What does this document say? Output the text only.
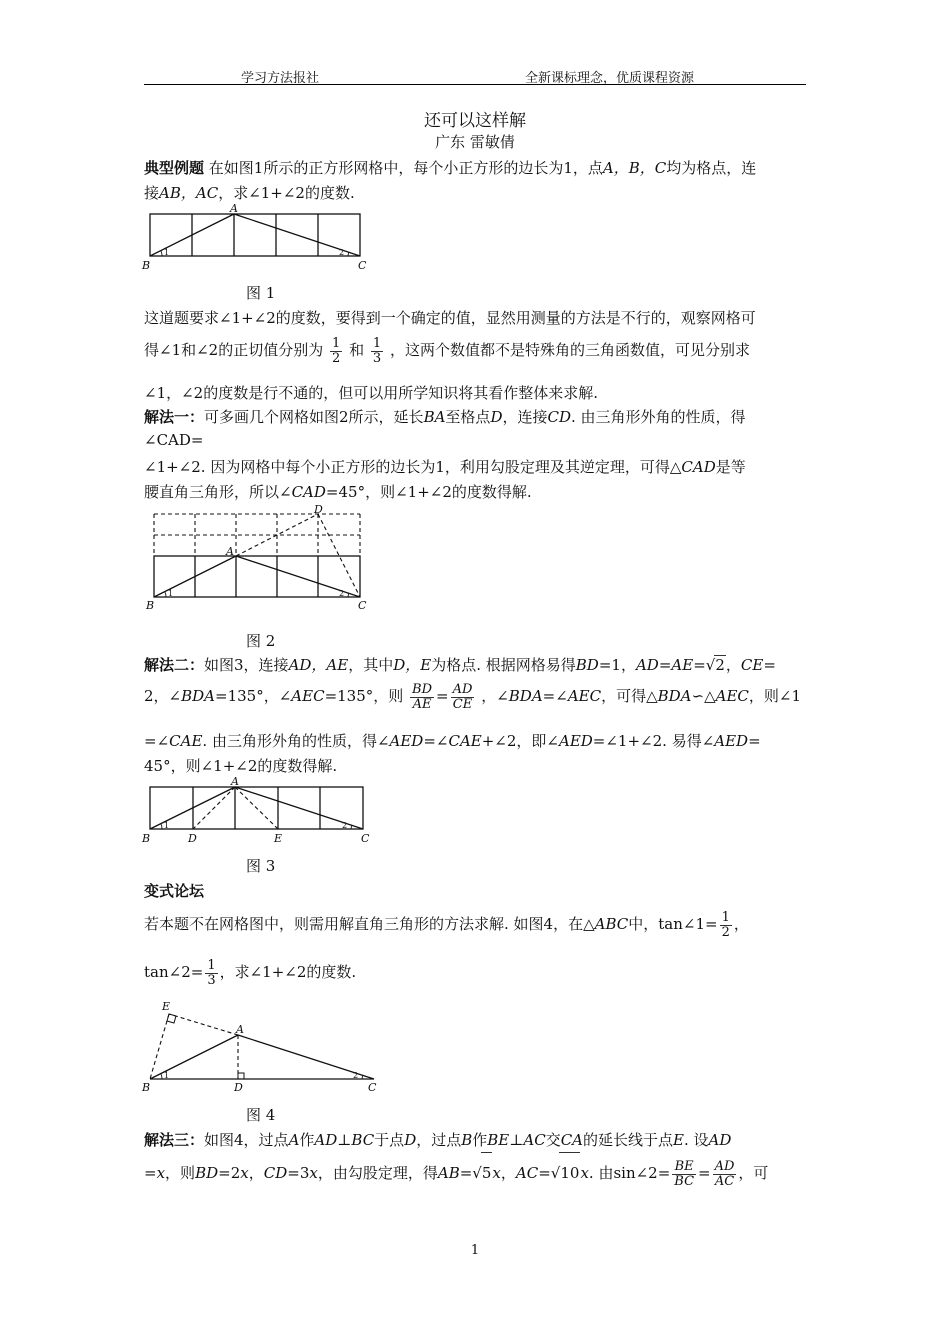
学习方法报社	全新课标理念，优质课程资源
还可以这样解
广东 雷敏倩
典型例题 在如图1所示的正方形网格中，每个小正方形的边长为1，点A，B，C均为格点，连
接AB，AC，求∠1+∠2的度数.
A
B	C
1	2
图 1
这道题要求∠1+∠2的度数，要得到一个确定的值，显然用测量的方法是不行的，观察网格可
得∠1和∠2的正切值分别为 $\frac{1}{2}$ 和 $\frac{1}{3}$ ，这两个数值都不是特殊角的三角函数值，可见分别求
∠1，∠2的度数是行不通的，但可以用所学知识将其看作整体来求解.
解法一：可多画几个网格如图2所示，延长BA至格点D，连接CD. 由三角形外角的性质，得
∠CAD=
∠1+∠2. 因为网格中每个小正方形的边长为1，利用勾股定理及其逆定理，可得△CAD是等
腰直角三角形，所以∠CAD=45°，则∠1+∠2的度数得解.
A
D
B	C
1	2
图 2
解法二：如图3，连接AD，AE，其中D，E为格点. 根据网格易得BD=1，AD=AE=√2，CE=
2，∠BDA=135°，∠AEC=135°，则 $\frac{BD}{AE} = \frac{AD}{CE}$ ，∠BDA=∠AEC，可得△BDA∽△AEC，则∠1
=∠CAE. 由三角形外角的性质，得∠AED=∠CAE+∠2，即∠AED=∠1+∠2. 易得∠AED=
45°，则∠1+∠2的度数得解.
A
B	D	E	C
1	2
图 3
变式论坛
若本题不在网格图中，则需用解直角三角形的方法求解. 如图4，在△ABC中，tan∠1= $\frac{1}{2}$ ，
tan∠2= $\frac{1}{3}$ ，求∠1+∠2的度数.
E
A
B	D	C
1	2
图 4
解法三：如图4，过点A作AD⊥BC于点D，过点B作BE⊥AC交CA的延长线于点E. 设AD
=x，则BD=2x，CD=3x，由勾股定理，得AB=√5x，AC=√10x. 由sin∠2= $\frac{BE}{BC} = \frac{AD}{AC}$ ，可
1
